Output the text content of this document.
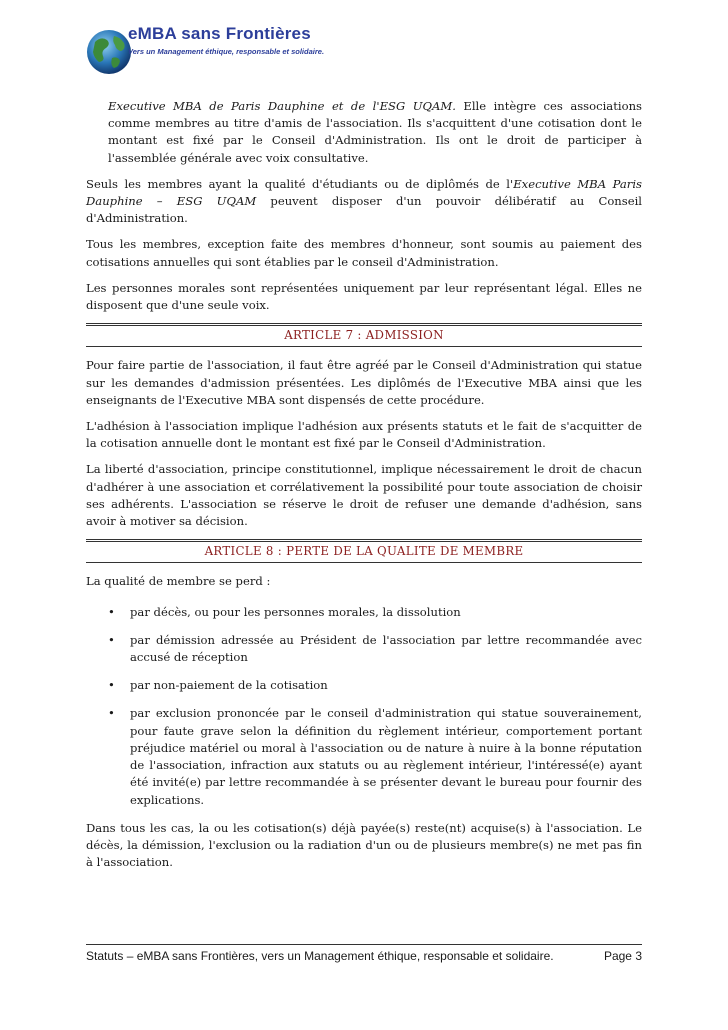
eMBA sans Frontières
Vers un Management éthique, responsable et solidaire.

Executive MBA de Paris Dauphine et de l'ESG UQAM. Elle intègre ces associations comme membres au titre d'amis de l'association. Ils s'acquittent d'une cotisation dont le montant est fixé par le Conseil d'Administration. Ils ont le droit de participer à l'assemblée générale avec voix consultative.

Seuls les membres ayant la qualité d'étudiants ou de diplômés de l'Executive MBA Paris Dauphine – ESG UQAM peuvent disposer d'un pouvoir délibératif au Conseil d'Administration.

Tous les membres, exception faite des membres d'honneur, sont soumis au paiement des cotisations annuelles qui sont établies par le conseil d'Administration.

Les personnes morales sont représentées uniquement par leur représentant légal. Elles ne disposent que d'une seule voix.

ARTICLE 7 : ADMISSION

Pour faire partie de l'association, il faut être agréé par le Conseil d'Administration qui statue sur les demandes d'admission présentées. Les diplômés de l'Executive MBA ainsi que les enseignants de l'Executive MBA sont dispensés de cette procédure.

L'adhésion à l'association implique l'adhésion aux présents statuts et le fait de s'acquitter de la cotisation annuelle dont le montant est fixé par le Conseil d'Administration.

La liberté d'association, principe constitutionnel, implique nécessairement le droit de chacun d'adhérer à une association et corrélativement la possibilité pour toute association de choisir ses adhérents. L'association se réserve le droit de refuser une demande d'adhésion, sans avoir à motiver sa décision.

ARTICLE 8 : PERTE DE LA QUALITE DE MEMBRE

La qualité de membre se perd :

• par décès, ou pour les personnes morales, la dissolution
• par démission adressée au Président de l'association par lettre recommandée avec accusé de réception
• par non-paiement de la cotisation
• par exclusion prononcée par le conseil d'administration qui statue souverainement, pour faute grave selon la définition du règlement intérieur, comportement portant préjudice matériel ou moral à l'association ou de nature à nuire à la bonne réputation de l'association, infraction aux statuts ou au règlement intérieur, l'intéressé(e) ayant été invité(e) par lettre recommandée à se présenter devant le bureau pour fournir des explications.

Dans tous les cas, la ou les cotisation(s) déjà payée(s) reste(nt) acquise(s) à l'association. Le décès, la démission, l'exclusion ou la radiation d'un ou de plusieurs membre(s) ne met pas fin à l'association.

Statuts – eMBA sans Frontières, vers un Management éthique, responsable et solidaire.	Page 3
